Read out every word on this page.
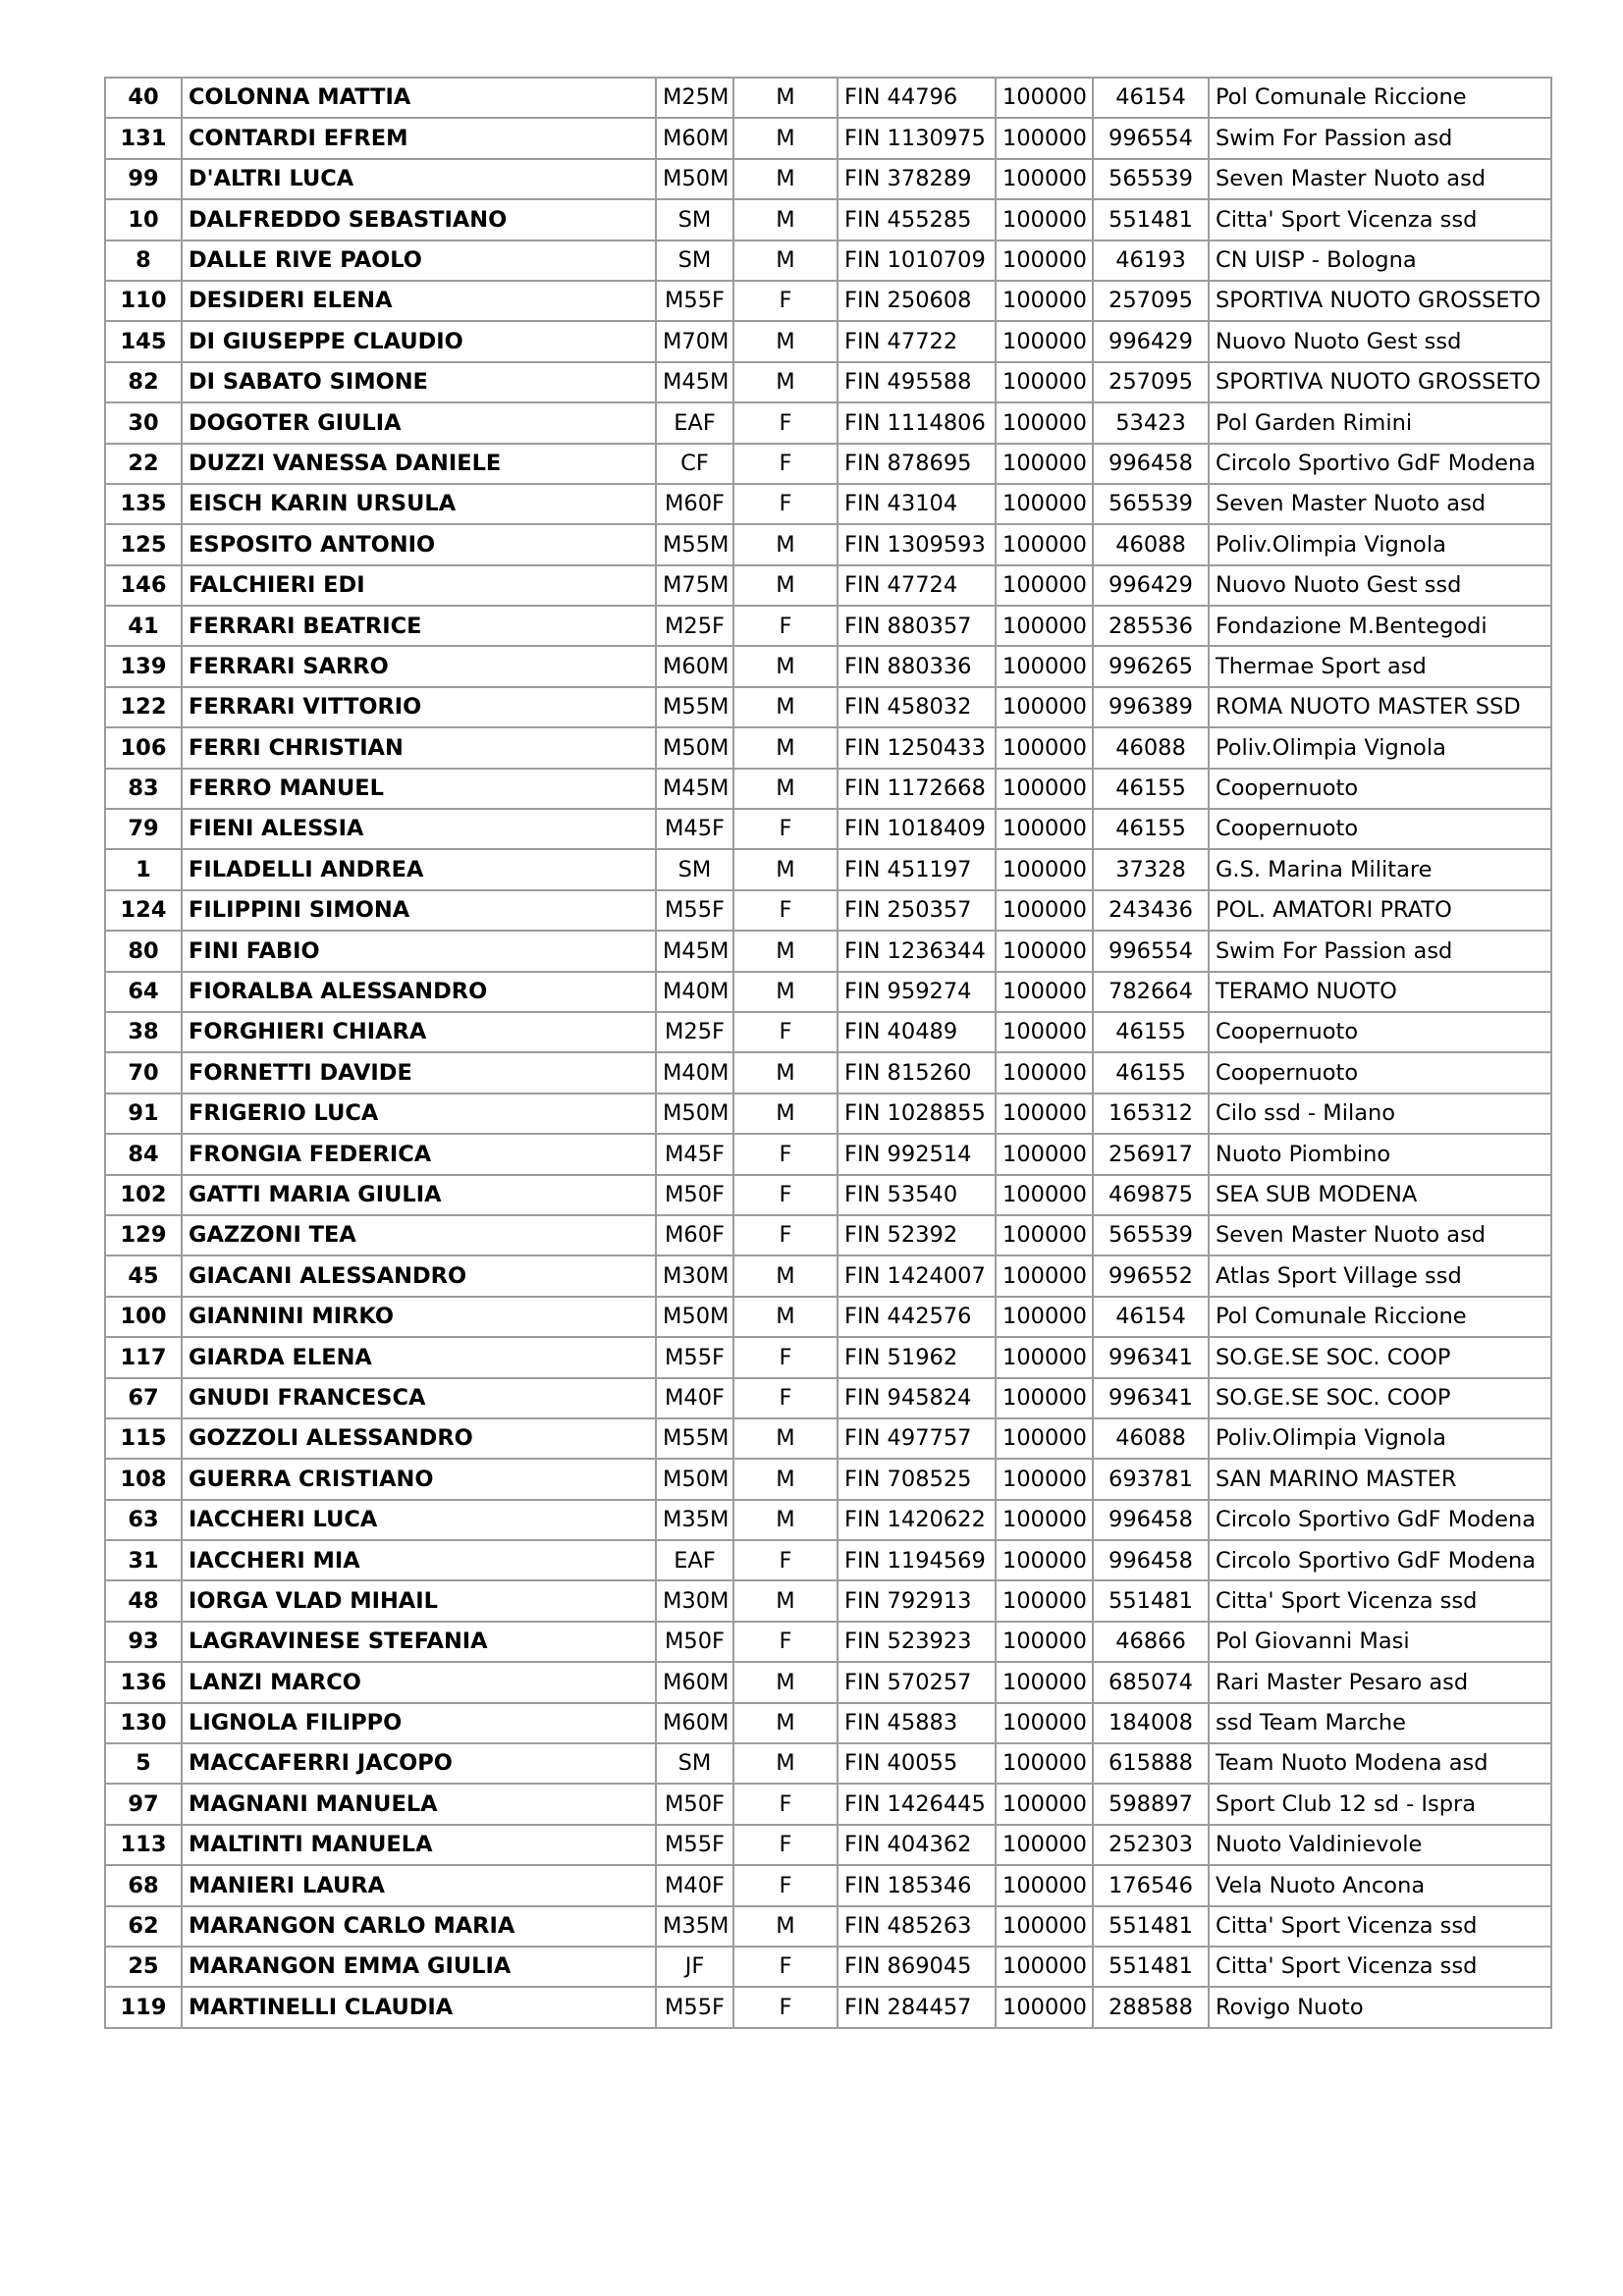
40	COLONNA MATTIA	M25M	M	FIN 44796	100000	46154	Pol Comunale Riccione
131	CONTARDI EFREM	M60M	M	FIN 1130975	100000	996554	Swim For Passion asd
99	D'ALTRI LUCA	M50M	M	FIN 378289	100000	565539	Seven Master Nuoto asd
10	DALFREDDO SEBASTIANO	SM	M	FIN 455285	100000	551481	Citta' Sport Vicenza ssd
8	DALLE RIVE PAOLO	SM	M	FIN 1010709	100000	46193	CN UISP - Bologna
110	DESIDERI ELENA	M55F	F	FIN 250608	100000	257095	SPORTIVA NUOTO GROSSETO
145	DI GIUSEPPE CLAUDIO	M70M	M	FIN 47722	100000	996429	Nuovo Nuoto Gest ssd
82	DI SABATO SIMONE	M45M	M	FIN 495588	100000	257095	SPORTIVA NUOTO GROSSETO
30	DOGOTER GIULIA	EAF	F	FIN 1114806	100000	53423	Pol Garden Rimini
22	DUZZI VANESSA DANIELE	CF	F	FIN 878695	100000	996458	Circolo Sportivo GdF Modena
135	EISCH KARIN URSULA	M60F	F	FIN 43104	100000	565539	Seven Master Nuoto asd
125	ESPOSITO ANTONIO	M55M	M	FIN 1309593	100000	46088	Poliv.Olimpia Vignola
146	FALCHIERI EDI	M75M	M	FIN 47724	100000	996429	Nuovo Nuoto Gest ssd
41	FERRARI BEATRICE	M25F	F	FIN 880357	100000	285536	Fondazione M.Bentegodi
139	FERRARI SARRO	M60M	M	FIN 880336	100000	996265	Thermae Sport asd
122	FERRARI VITTORIO	M55M	M	FIN 458032	100000	996389	ROMA NUOTO MASTER SSD
106	FERRI CHRISTIAN	M50M	M	FIN 1250433	100000	46088	Poliv.Olimpia Vignola
83	FERRO MANUEL	M45M	M	FIN 1172668	100000	46155	Coopernuoto
79	FIENI ALESSIA	M45F	F	FIN 1018409	100000	46155	Coopernuoto
1	FILADELLI ANDREA	SM	M	FIN 451197	100000	37328	G.S. Marina Militare
124	FILIPPINI SIMONA	M55F	F	FIN 250357	100000	243436	POL. AMATORI PRATO
80	FINI FABIO	M45M	M	FIN 1236344	100000	996554	Swim For Passion asd
64	FIORALBA ALESSANDRO	M40M	M	FIN 959274	100000	782664	TERAMO NUOTO
38	FORGHIERI CHIARA	M25F	F	FIN 40489	100000	46155	Coopernuoto
70	FORNETTI DAVIDE	M40M	M	FIN 815260	100000	46155	Coopernuoto
91	FRIGERIO LUCA	M50M	M	FIN 1028855	100000	165312	Cilo ssd - Milano
84	FRONGIA FEDERICA	M45F	F	FIN 992514	100000	256917	Nuoto Piombino
102	GATTI MARIA GIULIA	M50F	F	FIN 53540	100000	469875	SEA SUB MODENA
129	GAZZONI TEA	M60F	F	FIN 52392	100000	565539	Seven Master Nuoto asd
45	GIACANI ALESSANDRO	M30M	M	FIN 1424007	100000	996552	Atlas Sport Village ssd
100	GIANNINI MIRKO	M50M	M	FIN 442576	100000	46154	Pol Comunale Riccione
117	GIARDA ELENA	M55F	F	FIN 51962	100000	996341	SO.GE.SE SOC. COOP
67	GNUDI FRANCESCA	M40F	F	FIN 945824	100000	996341	SO.GE.SE SOC. COOP
115	GOZZOLI ALESSANDRO	M55M	M	FIN 497757	100000	46088	Poliv.Olimpia Vignola
108	GUERRA CRISTIANO	M50M	M	FIN 708525	100000	693781	SAN MARINO MASTER
63	IACCHERI LUCA	M35M	M	FIN 1420622	100000	996458	Circolo Sportivo GdF Modena
31	IACCHERI MIA	EAF	F	FIN 1194569	100000	996458	Circolo Sportivo GdF Modena
48	IORGA VLAD MIHAIL	M30M	M	FIN 792913	100000	551481	Citta' Sport Vicenza ssd
93	LAGRAVINESE STEFANIA	M50F	F	FIN 523923	100000	46866	Pol Giovanni Masi
136	LANZI MARCO	M60M	M	FIN 570257	100000	685074	Rari Master Pesaro asd
130	LIGNOLA FILIPPO	M60M	M	FIN 45883	100000	184008	ssd Team Marche
5	MACCAFERRI JACOPO	SM	M	FIN 40055	100000	615888	Team Nuoto Modena asd
97	MAGNANI MANUELA	M50F	F	FIN 1426445	100000	598897	Sport Club 12 sd - Ispra
113	MALTINTI MANUELA	M55F	F	FIN 404362	100000	252303	Nuoto Valdinievole
68	MANIERI LAURA	M40F	F	FIN 185346	100000	176546	Vela Nuoto Ancona
62	MARANGON CARLO MARIA	M35M	M	FIN 485263	100000	551481	Citta' Sport Vicenza ssd
25	MARANGON EMMA GIULIA	JF	F	FIN 869045	100000	551481	Citta' Sport Vicenza ssd
119	MARTINELLI CLAUDIA	M55F	F	FIN 284457	100000	288588	Rovigo Nuoto
